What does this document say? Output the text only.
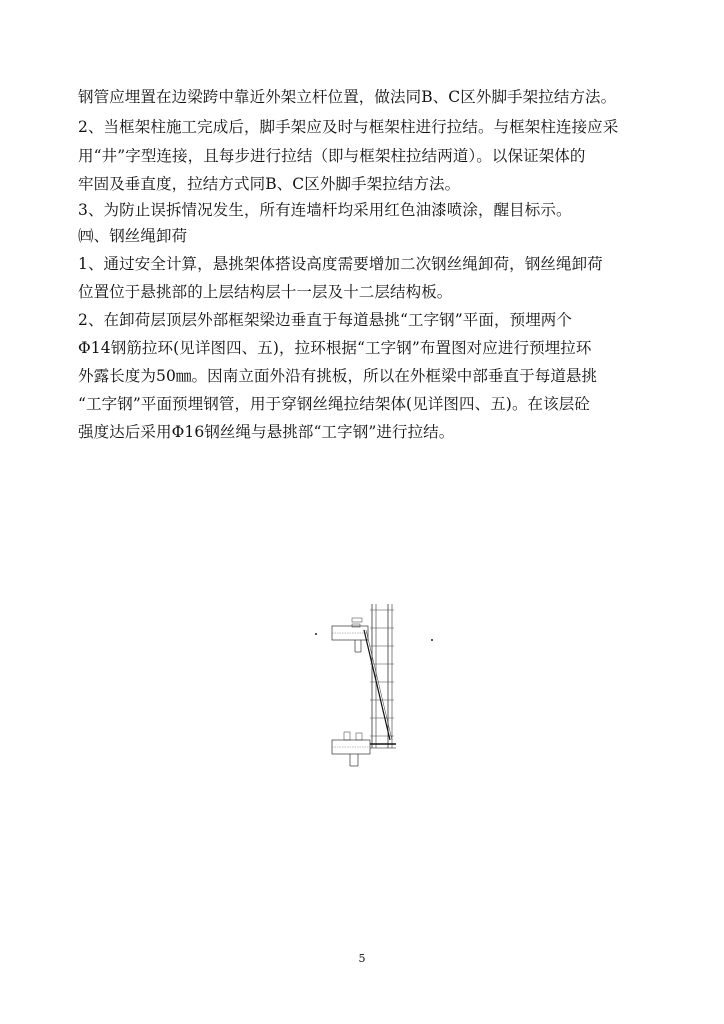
钢管应埋置在边梁跨中靠近外架立杆位置，做法同B、C区外脚手架拉结方法。
2、当框架柱施工完成后，脚手架应及时与框架柱进行拉结。与框架柱连接应采
用“井”字型连接，且每步进行拉结（即与框架柱拉结两道）。以保证架体的
牢固及垂直度，拉结方式同B、C区外脚手架拉结方法。
3、为防止误拆情况发生，所有连墙杆均采用红色油漆喷涂，醒目标示。
㈣、钢丝绳卸荷
1、通过安全计算，悬挑架体搭设高度需要增加二次钢丝绳卸荷，钢丝绳卸荷
位置位于悬挑部的上层结构层十一层及十二层结构板。
2、在卸荷层顶层外部框架梁边垂直于每道悬挑“工字钢”平面，预埋两个
Φ14钢筋拉环(见详图四、五)，拉环根据“工字钢”布置图对应进行预埋拉环
外露长度为50㎜。因南立面外沿有挑板，所以在外框梁中部垂直于每道悬挑
“工字钢”平面预埋钢管，用于穿钢丝绳拉结架体(见详图四、五)。在该层砼
强度达后采用Φ16钢丝绳与悬挑部“工字钢”进行拉结。
5
